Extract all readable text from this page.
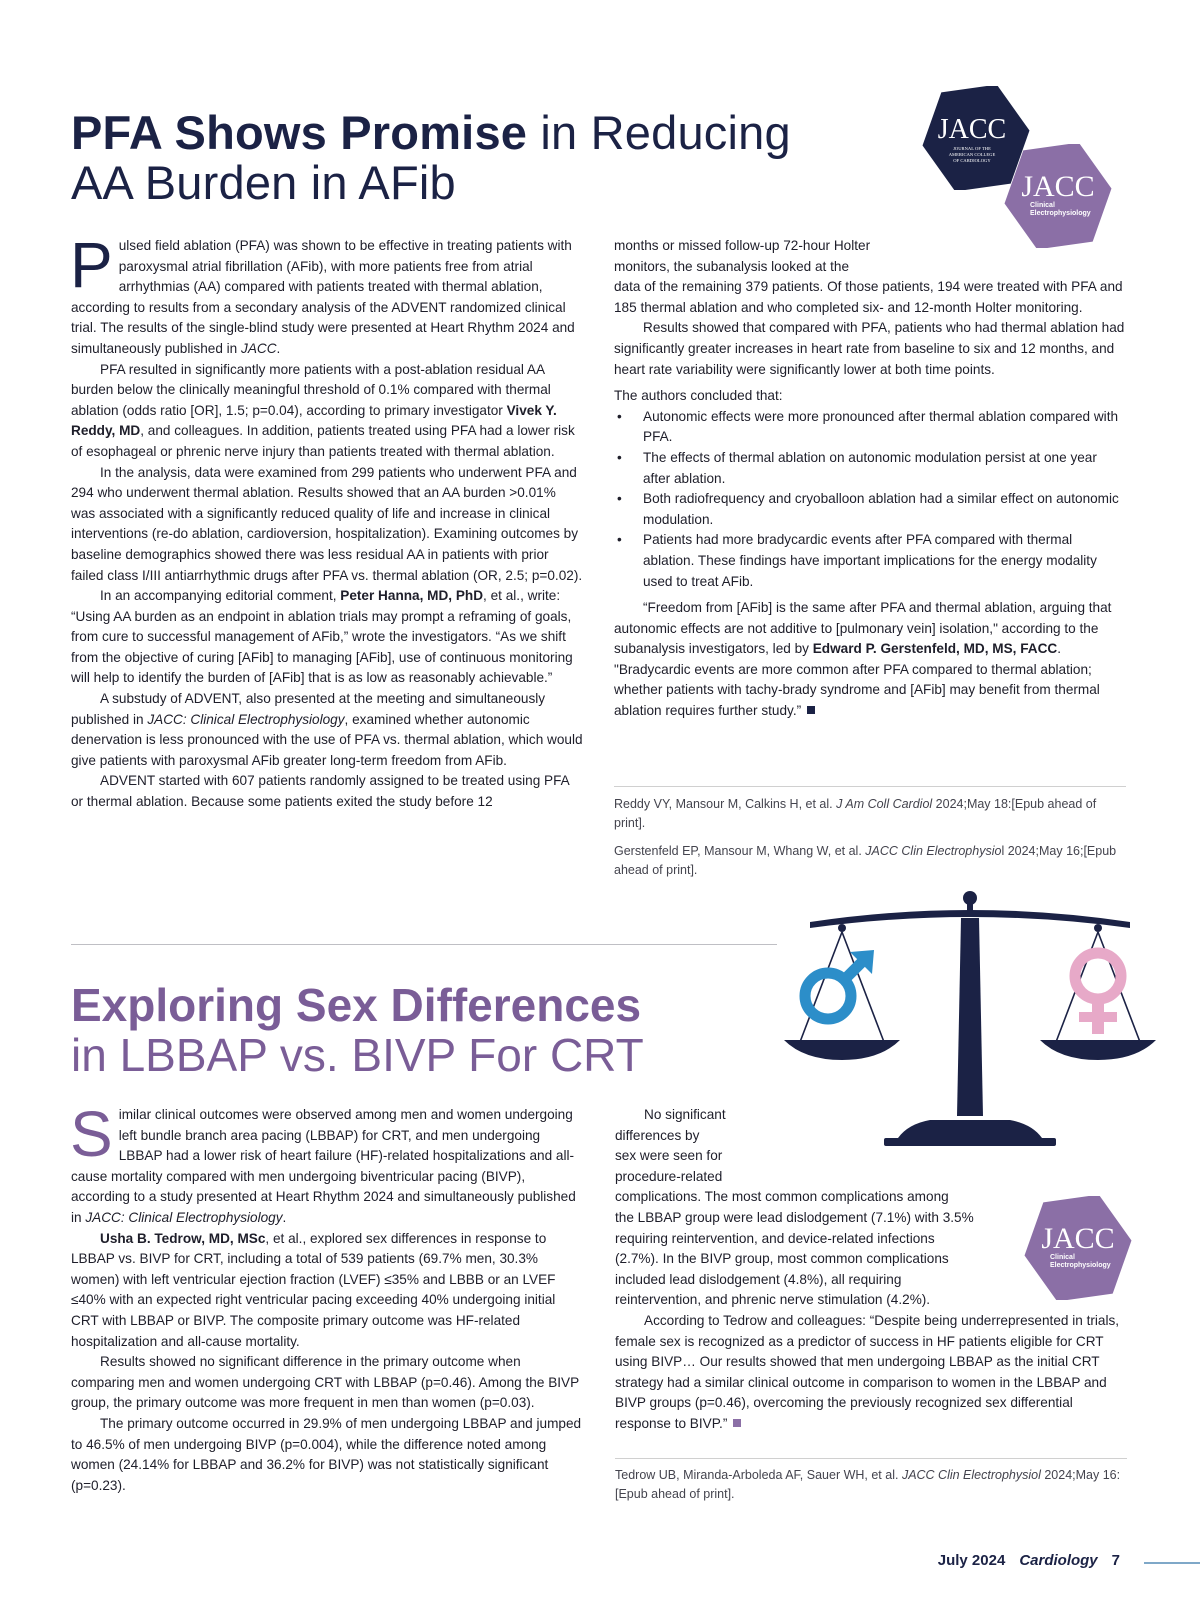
PFA Shows Promise in Reducing
AA Burden in AFib
JACC
JOURNAL OF THE
AMERICAN COLLEGE
OF CARDIOLOGY
JACC
Clinical
Electrophysiology

Pulsed field ablation (PFA) was shown to be effective in treating patients with paroxysmal atrial fibrillation (AFib), with more patients free from atrial arrhythmias (AA) compared with patients treated with thermal ablation, according to results from a secondary analysis of the ADVENT randomized clinical trial. The results of the single-blind study were presented at Heart Rhythm 2024 and simultaneously published in JACC.

PFA resulted in significantly more patients with a post-ablation residual AA burden below the clinically meaningful threshold of 0.1% compared with thermal ablation (odds ratio [OR], 1.5; p=0.04), according to primary investigator Vivek Y. Reddy, MD, and colleagues. In addition, patients treated using PFA had a lower risk of esophageal or phrenic nerve injury than patients treated with thermal ablation.

In the analysis, data were examined from 299 patients who underwent PFA and 294 who underwent thermal ablation. Results showed that an AA burden >0.01% was associated with a significantly reduced quality of life and increase in clinical interventions (re-do ablation, cardioversion, hospitalization). Examining outcomes by baseline demographics showed there was less residual AA in patients with prior failed class I/III antiarrhythmic drugs after PFA vs. thermal ablation (OR, 2.5; p=0.02).

In an accompanying editorial comment, Peter Hanna, MD, PhD, et al., write: “Using AA burden as an endpoint in ablation trials may prompt a reframing of goals, from cure to successful management of AFib,” wrote the investigators. “As we shift from the objective of curing [AFib] to managing [AFib], use of continuous monitoring will help to identify the burden of [AFib] that is as low as reasonably achievable.”

A substudy of ADVENT, also presented at the meeting and simultaneously published in JACC: Clinical Electrophysiology, examined whether autonomic denervation is less pronounced with the use of PFA vs. thermal ablation, which would give patients with paroxysmal AFib greater long-term freedom from AFib.

ADVENT started with 607 patients randomly assigned to be treated using PFA or thermal ablation. Because some patients exited the study before 12

months or missed follow-up 72-hour Holter
monitors, the subanalysis looked at the
data of the remaining 379 patients. Of those patients, 194 were treated with PFA and 185 thermal ablation and who completed six- and 12-month Holter monitoring.

Results showed that compared with PFA, patients who had thermal ablation had significantly greater increases in heart rate from baseline to six and 12 months, and heart rate variability were significantly lower at both time points.

The authors concluded that:

• Autonomic effects were more pronounced after thermal ablation compared with PFA.
• The effects of thermal ablation on autonomic modulation persist at one year after ablation.
• Both radiofrequency and cryoballoon ablation had a similar effect on autonomic modulation.
• Patients had more bradycardic events after PFA compared with thermal ablation. These findings have important implications for the energy modality used to treat AFib.

“Freedom from [AFib] is the same after PFA and thermal ablation, arguing that autonomic effects are not additive to [pulmonary vein] isolation," according to the subanalysis investigators, led by Edward P. Gerstenfeld, MD, MS, FACC. "Bradycardic events are more common after PFA compared to thermal ablation; whether patients with tachy-brady syndrome and [AFib] may benefit from thermal ablation requires further study.”

Reddy VY, Mansour M, Calkins H, et al. J Am Coll Cardiol 2024;May 18:[Epub ahead of print].

Gerstenfeld EP, Mansour M, Whang W, et al. JACC Clin Electrophysiol 2024;May 16;[Epub ahead of print].

Exploring Sex Differences
in LBBAP vs. BIVP For CRT

Similar clinical outcomes were observed among men and women undergoing left bundle branch area pacing (LBBAP) for CRT, and men undergoing LBBAP had a lower risk of heart failure (HF)-related hospitalizations and all-cause mortality compared with men undergoing biventricular pacing (BIVP), according to a study presented at Heart Rhythm 2024 and simultaneously published in JACC: Clinical Electrophysiology.

Usha B. Tedrow, MD, MSc, et al., explored sex differences in response to LBBAP vs. BIVP for CRT, including a total of 539 patients (69.7% men, 30.3% women) with left ventricular ejection fraction (LVEF) ≤35% and LBBB or an LVEF ≤40% with an expected right ventricular pacing exceeding 40% undergoing initial CRT with LBBAP or BIVP. The composite primary outcome was HF-related hospitalization and all-cause mortality.

Results showed no significant difference in the primary outcome when comparing men and women undergoing CRT with LBBAP (p=0.46). Among the BIVP group, the primary outcome was more frequent in men than women (p=0.03).

The primary outcome occurred in 29.9% of men undergoing LBBAP and jumped to 46.5% of men undergoing BIVP (p=0.004), while the difference noted among women (24.14% for LBBAP and 36.2% for BIVP) was not statistically significant (p=0.23).

JACC
Clinical
Electrophysiology

No significant

differences by
sex were seen for
procedure-related
complications. The most common complications among
the LBBAP group were lead dislodgement (7.1%) with 3.5%
requiring reintervention, and device-related infections
(2.7%). In the BIVP group, most common complications
included lead dislodgement (4.8%), all requiring
reintervention, and phrenic nerve stimulation (4.2%).

According to Tedrow and colleagues: “Despite being underrepresented in trials, female sex is recognized as a predictor of success in HF patients eligible for CRT using BIVP… Our results showed that men undergoing LBBAP as the initial CRT strategy had a similar clinical outcome in comparison to women in the LBBAP and BIVP groups (p=0.46), overcoming the previously recognized sex differential response to BIVP.”

Tedrow UB, Miranda-Arboleda AF, Sauer WH, et al. JACC Clin Electrophysiol 2024;May 16:[Epub ahead of print].

July 2024 Cardiology 7
